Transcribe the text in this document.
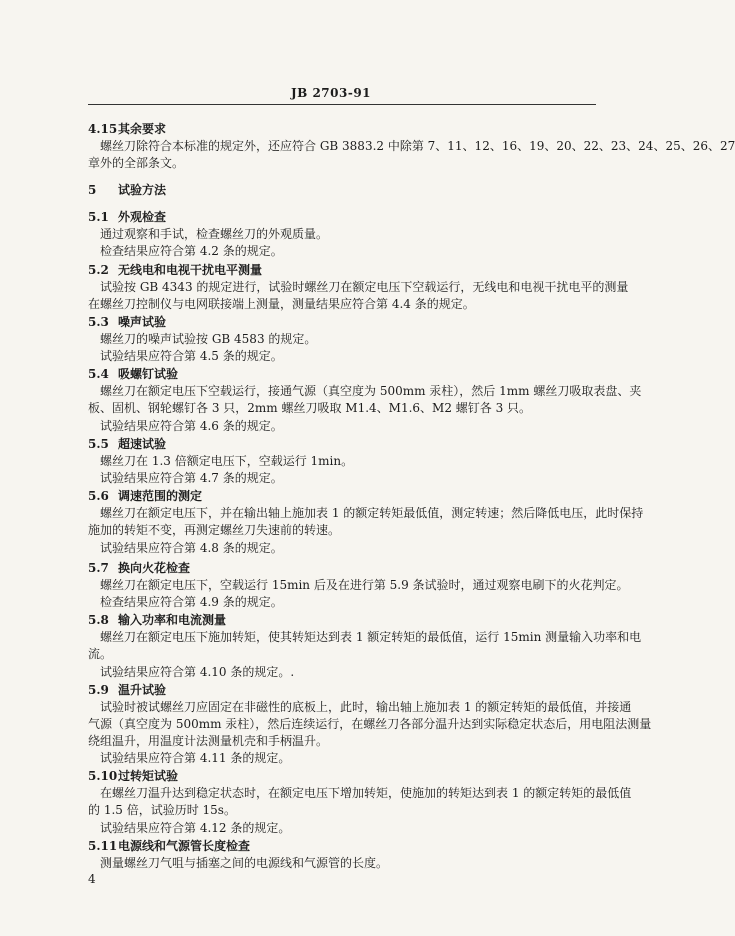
JB 2703-91
4.15其余要求
螺丝刀除符合本标准的规定外，还应符合 GB 3883.2 中除第 7、11、12、16、19、20、22、23、24、25、26、27
章外的全部条文。
5 试验方法
5.1 外观检查
通过观察和手试，检查螺丝刀的外观质量。
检查结果应符合第 4.2 条的规定。
5.2 无线电和电视干扰电平测量
试验按 GB 4343 的规定进行，试验时螺丝刀在额定电压下空载运行，无线电和电视干扰电平的测量
在螺丝刀控制仪与电网联接端上测量，测量结果应符合第 4.4 条的规定。
5.3 噪声试验
螺丝刀的噪声试验按 GB 4583 的规定。
试验结果应符合第 4.5 条的规定。
5.4 吸螺钉试验
螺丝刀在额定电压下空载运行，接通气源（真空度为 500mm 汞柱），然后 1mm 螺丝刀吸取表盘、夹
板、固机、钢轮螺钉各 3 只，2mm 螺丝刀吸取 M1.4、M1.6、M2 螺钉各 3 只。
试验结果应符合第 4.6 条的规定。
5.5 超速试验
螺丝刀在 1.3 倍额定电压下，空载运行 1min。
试验结果应符合第 4.7 条的规定。
5.6 调速范围的测定
螺丝刀在额定电压下，并在输出轴上施加表 1 的额定转矩最低值，测定转速；然后降低电压，此时保持
施加的转矩不变，再测定螺丝刀失速前的转速。
试验结果应符合第 4.8 条的规定。
5.7 换向火花检查
螺丝刀在额定电压下，空载运行 15min 后及在进行第 5.9 条试验时，通过观察电刷下的火花判定。
检查结果应符合第 4.9 条的规定。
5.8 输入功率和电流测量
螺丝刀在额定电压下施加转矩，使其转矩达到表 1 额定转矩的最低值，运行 15min 测量输入功率和电
流。
试验结果应符合第 4.10 条的规定。.
5.9 温升试验
试验时被试螺丝刀应固定在非磁性的底板上，此时，输出轴上施加表 1 的额定转矩的最低值，并接通
气源（真空度为 500mm 汞柱），然后连续运行，在螺丝刀各部分温升达到实际稳定状态后，用电阻法测量
绕组温升，用温度计法测量机壳和手柄温升。
试验结果应符合第 4.11 条的规定。
5.10过转矩试验
在螺丝刀温升达到稳定状态时，在额定电压下增加转矩，使施加的转矩达到表 1 的额定转矩的最低值
的 1.5 倍，试验历时 15s。
试验结果应符合第 4.12 条的规定。
5.11电源线和气源管长度检查
测量螺丝刀气咀与插塞之间的电源线和气源管的长度。
4
